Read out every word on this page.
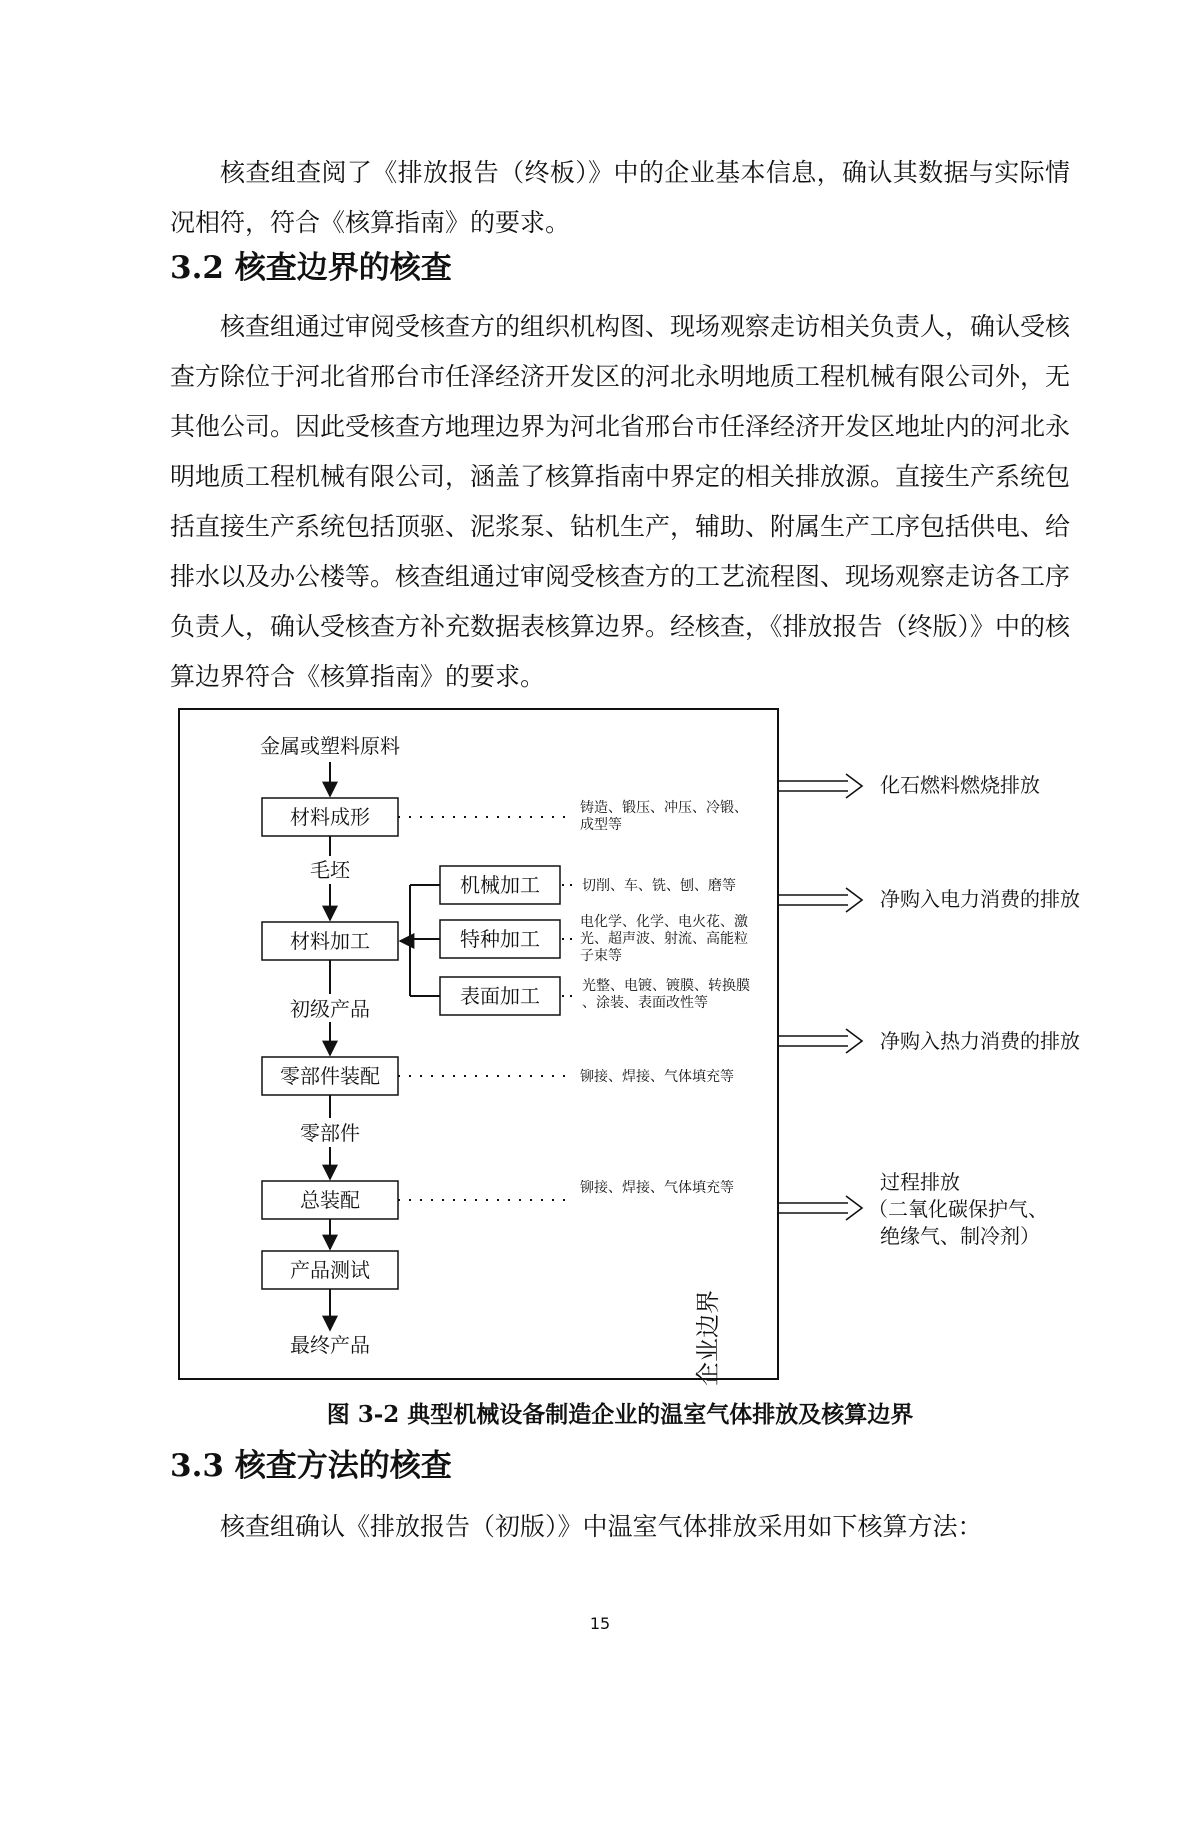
核查组查阅了《排放报告（终板）》中的企业基本信息，确认其数据与实际情况相符，符合《核算指南》的要求。

3.2 核查边界的核查

核查组通过审阅受核查方的组织机构图、现场观察走访相关负责人，确认受核查方除位于河北省邢台市任泽经济开发区的河北永明地质工程机械有限公司外，无其他公司。因此受核查方地理边界为河北省邢台市任泽经济开发区地址内的河北永明地质工程机械有限公司，涵盖了核算指南中界定的相关排放源。直接生产系统包括直接生产系统包括顶驱、泥浆泵、钻机生产，辅助、附属生产工序包括供电、给排水以及办公楼等。核查组通过审阅受核查方的工艺流程图、现场观察走访各工序负责人，确认受核查方补充数据表核算边界。经核查，《排放报告（终版）》中的核算边界符合《核算指南》的要求。

金属或塑料原料
材料成形	铸造、锻压、冲压、冷锻、
成型等
毛坯
材料加工
机械加工	切削、车、铣、刨、磨等
特种加工
电化学、化学、电火花、激
光、超声波、射流、高能粒
子束等
表面加工	光整、电镀、镀膜、转换膜
、涂装、表面改性等
初级产品
零部件装配	铆接、焊接、气体填充等
零部件
总装配	铆接、焊接、气体填充等
产品测试
最终产品	企业边界
化石燃料燃烧排放
净购入电力消费的排放
净购入热力消费的排放
过程排放
（二氧化碳保护气、
绝缘气、制冷剂）
图 3-2 典型机械设备制造企业的温室气体排放及核算边界
3.3 核查方法的核查

核查组确认《排放报告（初版）》中温室气体排放采用如下核算方法：

15
